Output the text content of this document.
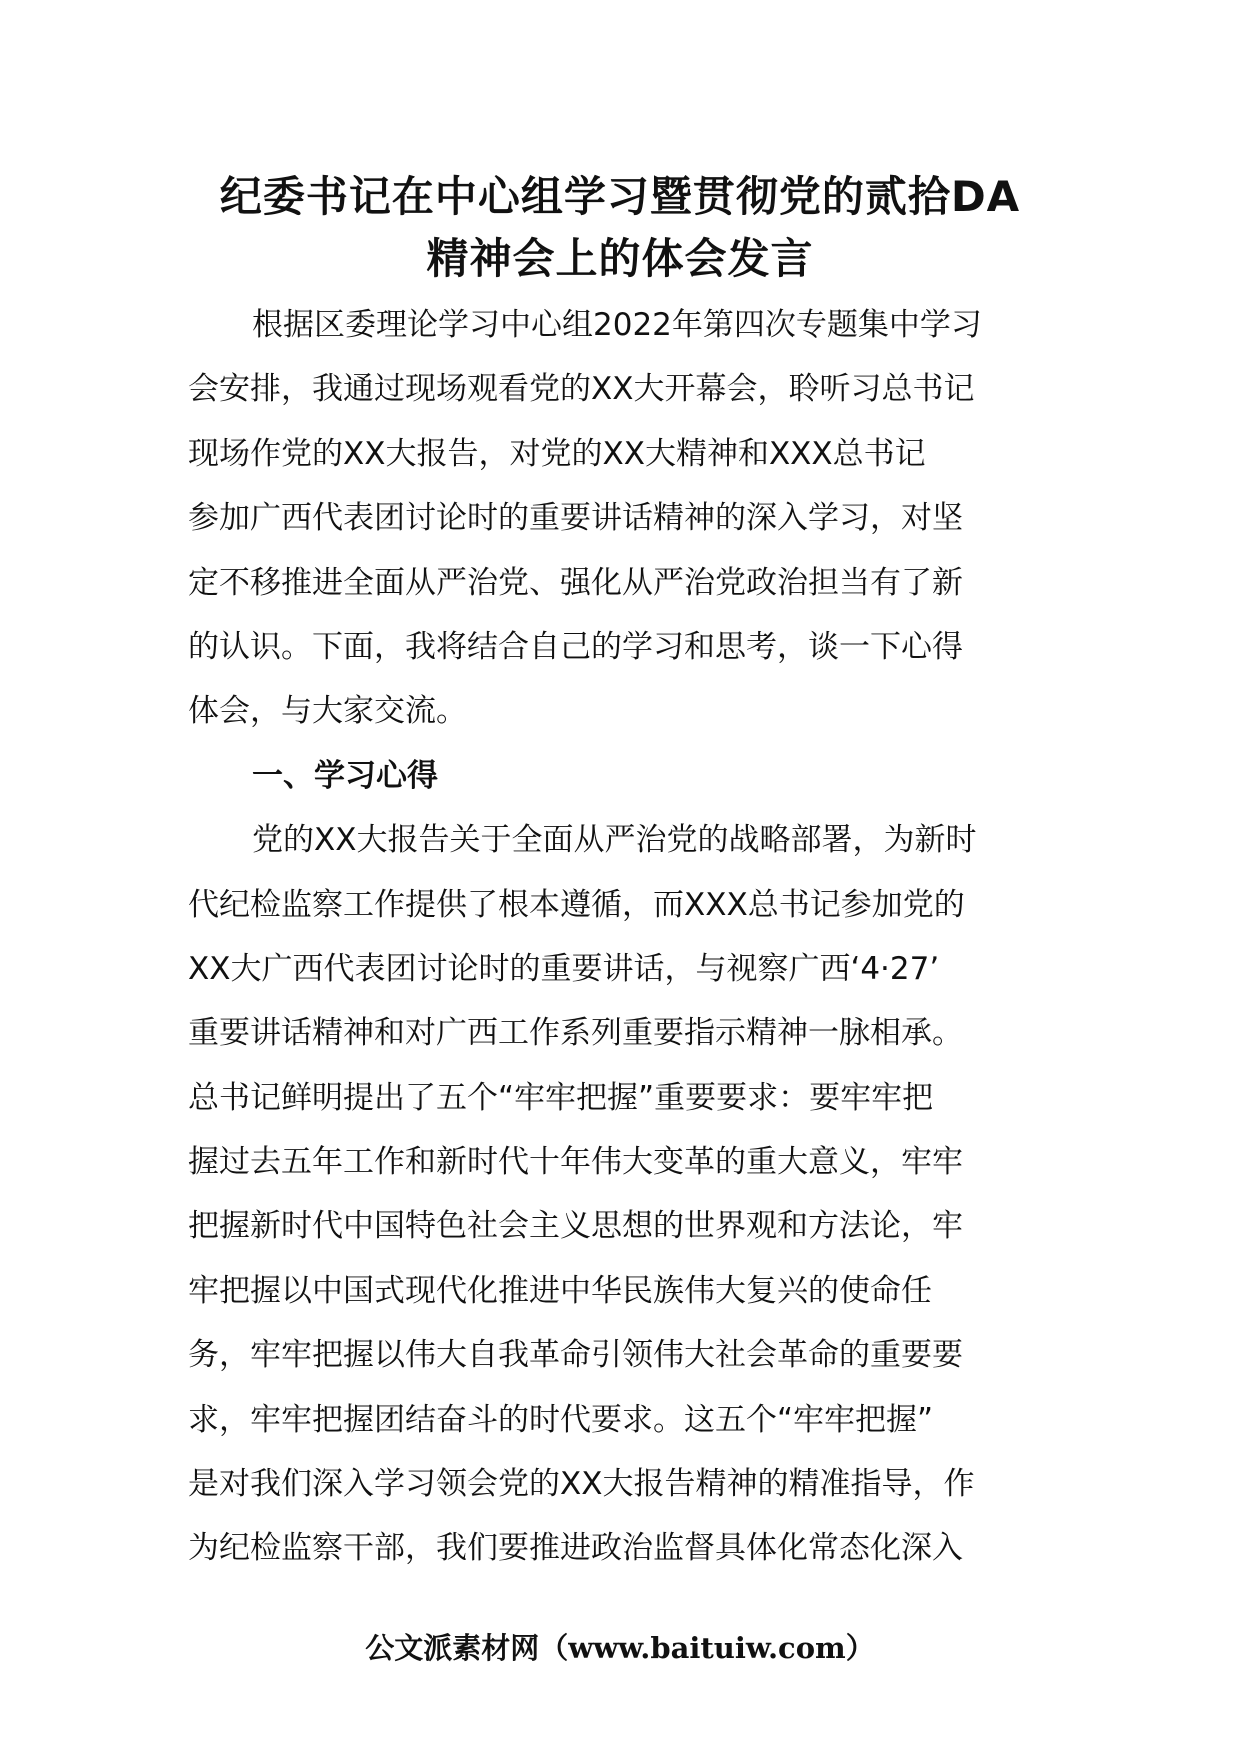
纪委书记在中心组学习暨贯彻党的贰拾DA
精神会上的体会发言
根据区委理论学习中心组2022年第四次专题集中学习
会安排，我通过现场观看党的XX大开幕会，聆听习总书记
现场作党的XX大报告，对党的XX大精神和XXX总书记
参加广西代表团讨论时的重要讲话精神的深入学习，对坚
定不移推进全面从严治党、强化从严治党政治担当有了新
的认识。下面，我将结合自己的学习和思考，谈一下心得
体会，与大家交流。
一、学习心得
党的XX大报告关于全面从严治党的战略部署，为新时
代纪检监察工作提供了根本遵循，而XXX总书记参加党的
XX大广西代表团讨论时的重要讲话，与视察广西‘4·27’
重要讲话精神和对广西工作系列重要指示精神一脉相承。
总书记鲜明提出了五个“牢牢把握”重要要求：要牢牢把
握过去五年工作和新时代十年伟大变革的重大意义，牢牢
把握新时代中国特色社会主义思想的世界观和方法论，牢
牢把握以中国式现代化推进中华民族伟大复兴的使命任
务，牢牢把握以伟大自我革命引领伟大社会革命的重要要
求，牢牢把握团结奋斗的时代要求。这五个“牢牢把握”
是对我们深入学习领会党的XX大报告精神的精准指导，作
为纪检监察干部，我们要推进政治监督具体化常态化深入
公文派素材网（www.baituiw.com）
